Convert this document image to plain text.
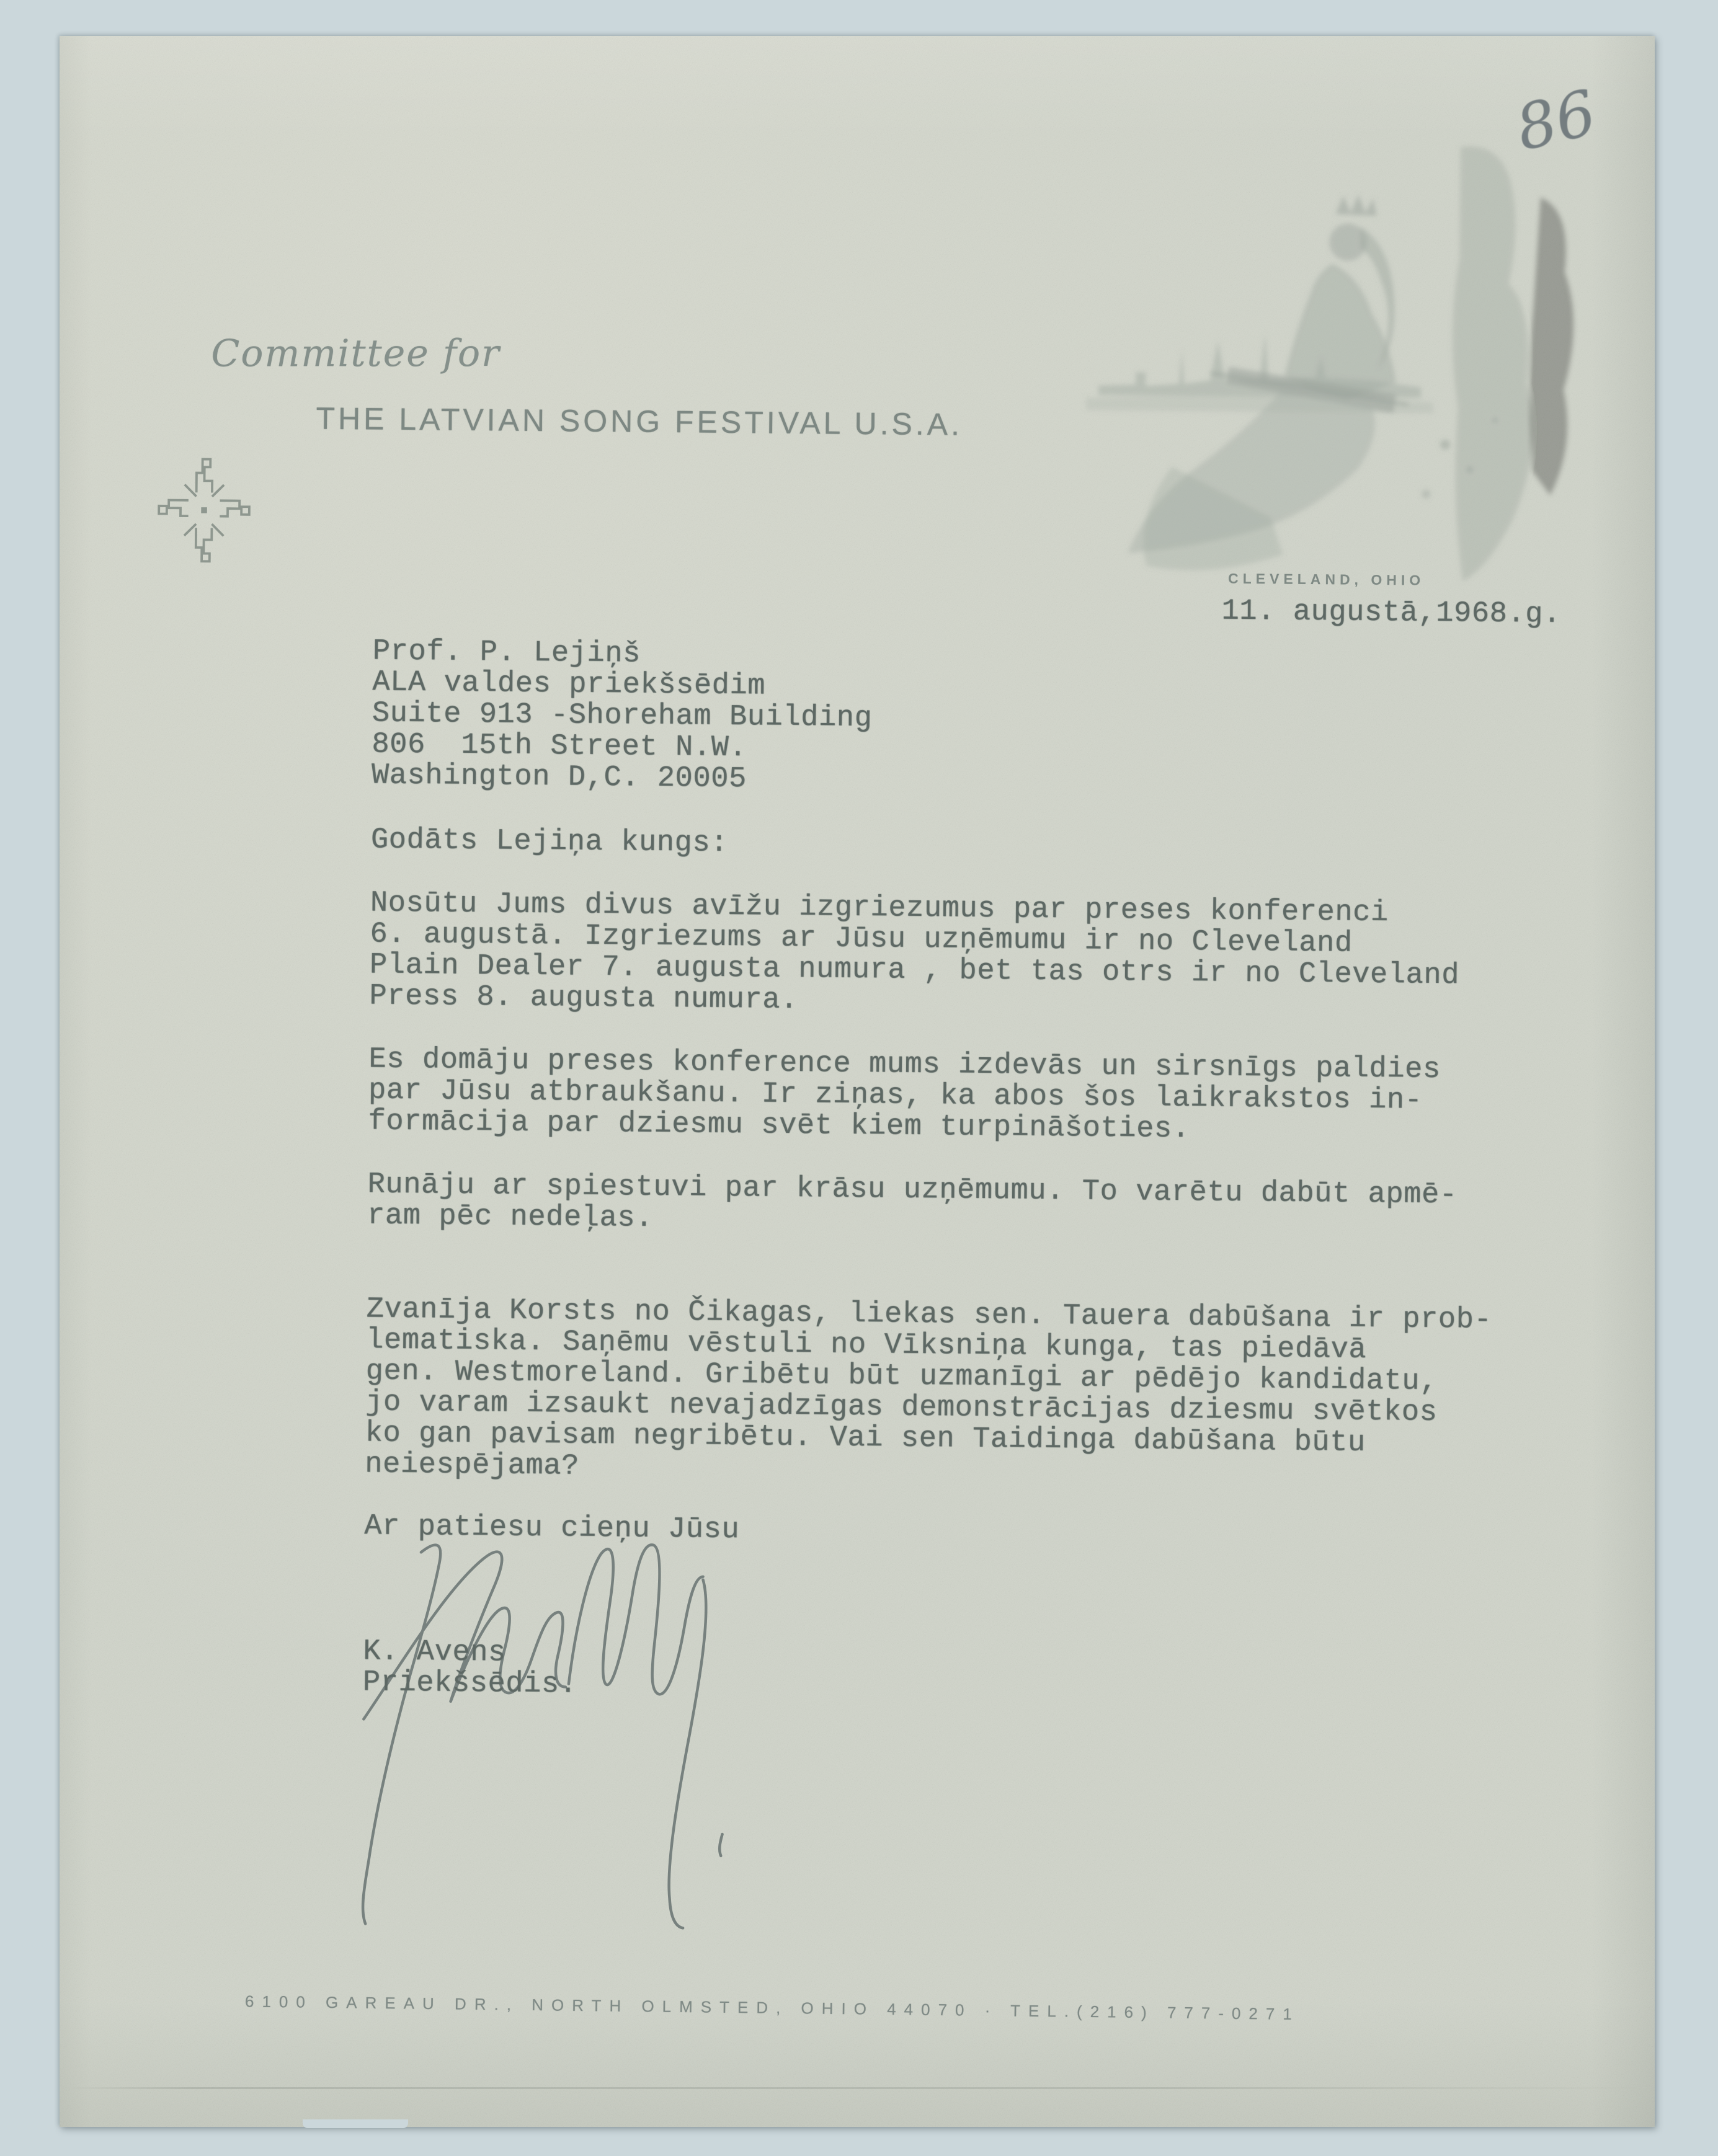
86
Committee for
THE LATVIAN SONG FESTIVAL U.S.A.
CLEVELAND, OHIO
11. augustā,1968.g.
Prof. P. Lejiņš
ALA valdes priekšsēdim
Suite 913 -Shoreham Building
806  15th Street N.W.
Washington D,C. 20005
Godāts Lejiņa kungs:
Nosūtu Jums divus avīžu izgriezumus par preses konferenci
6. augustā. Izgriezums ar Jūsu uzņēmumu ir no Cleveland
Plain Dealer 7. augusta numura , bet tas otrs ir no Cleveland
Press 8. augusta numura.
Es domāju preses konference mums izdevās un sirsnīgs paldies
par Jūsu atbraukšanu. Ir ziņas, ka abos šos laikrakstos in-
formācija par dziesmu svēt kiem turpināšoties.
Runāju ar spiestuvi par krāsu uzņēmumu. To varētu dabūt apmē-
ram pēc nedeļas.
Zvanīja Korsts no Čikagas, liekas sen. Tauera dabūšana ir prob-
lematiska. Saņēmu vēstuli no Vīksniņa kunga, tas piedāvā
gen. Westmoreland. Gribētu būt uzmanīgi ar pēdējo kandidatu,
jo varam izsaukt nevajadzīgas demonstrācijas dziesmu svētkos
ko gan pavisam negribētu. Vai sen Taidinga dabūšana būtu
neiespējama?
Ar patiesu cieņu Jūsu
K. Avens
Priekšsēdis.
6100 GAREAU DR., NORTH OLMSTED, OHIO 44070 · TEL.(216) 777-0271
